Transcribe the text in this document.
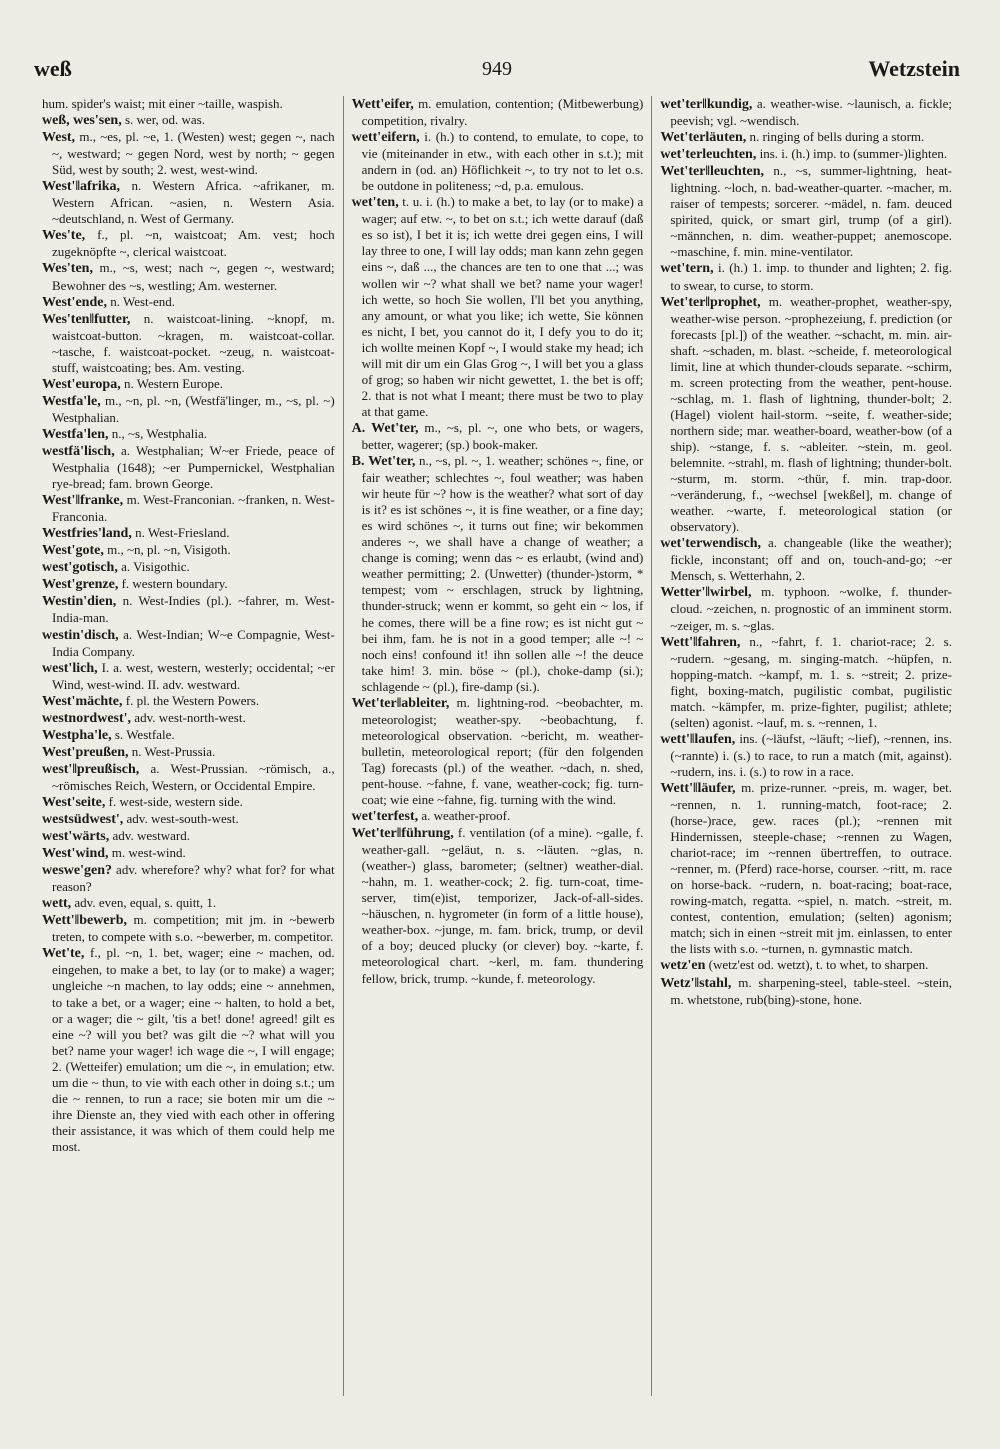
weß	949	Wetzstein

hum. spider's waist; mit einer ~taille, waspish.

weß, wes'sen, s. wer, od. was.

West, m., ~es, pl. ~e, 1. (Westen) west; gegen ~, nach ~, westward; ~ gegen Nord, west by north; ~ gegen Süd, west by south; 2. west, west-wind.

West'‖afrika, n. Western Africa. ~afrikaner, m. Western African. ~asien, n. Western Asia. ~deutschland, n. West of Germany.

Wes'te, f., pl. ~n, waistcoat; Am. vest; hoch zugeknöpfte ~, clerical waistcoat.

Wes'ten, m., ~s, west; nach ~, gegen ~, westward; Bewohner des ~s, westling; Am. westerner.

West'ende, n. West-end.

Wes'ten‖futter, n. waistcoat-lining. ~knopf, m. waistcoat-button. ~kragen, m. waistcoat-collar. ~tasche, f. waistcoat-pocket. ~zeug, n. waistcoat-stuff, waistcoating; bes. Am. vesting.

West'europa, n. Western Europe.

Westfa'le, m., ~n, pl. ~n, (Westfä'linger, m., ~s, pl. ~) Westphalian.

Westfa'len, n., ~s, Westphalia.

westfä'lisch, a. Westphalian; W~er Friede, peace of Westphalia (1648); ~er Pumpernickel, Westphalian rye-bread; fam. brown George.

West'‖franke, m. West-Franconian. ~franken, n. West-Franconia.

Westfries'land, n. West-Friesland.

West'gote, m., ~n, pl. ~n, Visigoth.

west'gotisch, a. Visigothic.

West'grenze, f. western boundary.

Westin'dien, n. West-Indies (pl.). ~fahrer, m. West-India-man.

westin'disch, a. West-Indian; W~e Compagnie, West-India Company.

west'lich, I. a. west, western, westerly; occidental; ~er Wind, west-wind. II. adv. westward.

West'mächte, f. pl. the Western Powers.

westnordwest', adv. west-north-west.

Westpha'le, s. Westfale.

West'preußen, n. West-Prussia.

west'‖preußisch, a. West-Prussian. ~römisch, a., ~römisches Reich, Western, or Occidental Empire.

West'seite, f. west-side, western side.

westsüdwest', adv. west-south-west.

west'wärts, adv. westward.

West'wind, m. west-wind.

weswe'gen? adv. wherefore? why? what for? for what reason?

wett, adv. even, equal, s. quitt, 1.

Wett'‖bewerb, m. competition; mit jm. in ~bewerb treten, to compete with s.o. ~bewerber, m. competitor.

Wet'te, f., pl. ~n, 1. bet, wager; eine ~ machen, od. eingehen, to make a bet, to lay (or to make) a wager; ungleiche ~n machen, to lay odds; eine ~ annehmen, to take a bet, or a wager; eine ~ halten, to hold a bet, or a wager; die ~ gilt, 'tis a bet! done! agreed! gilt es eine ~? will you bet? was gilt die ~? what will you bet? name your wager! ich wage die ~, I will engage; 2. (Wetteifer) emulation; um die ~, in emulation; etw. um die ~ thun, to vie with each other in doing s.t.; um die ~ rennen, to run a race; sie boten mir um die ~ ihre Dienste an, they vied with each other in offering their assistance, it was which of them could help me most.

Wett'eifer, m. emulation, contention; (Mitbewerbung) competition, rivalry.

wett'eifern, i. (h.) to contend, to emulate, to cope, to vie (miteinander in etw., with each other in s.t.); mit andern in (od. an) Höflichkeit ~, to try not to let o.s. be outdone in politeness; ~d, p.a. emulous.

wet'ten, t. u. i. (h.) to make a bet, to lay (or to make) a wager; auf etw. ~, to bet on s.t.; ich wette darauf (daß es so ist), I bet it is; ich wette drei gegen eins, I will lay three to one, I will lay odds; man kann zehn gegen eins ~, daß ..., the chances are ten to one that ...; was wollen wir ~? what shall we bet? name your wager! ich wette, so hoch Sie wollen, I'll bet you anything, any amount, or what you like; ich wette, Sie können es nicht, I bet, you cannot do it, I defy you to do it; ich wollte meinen Kopf ~, I would stake my head; ich will mit dir um ein Glas Grog ~, I will bet you a glass of grog; so haben wir nicht gewettet, 1. the bet is off; 2. that is not what I meant; there must be two to play at that game.

A. Wet'ter, m., ~s, pl. ~, one who bets, or wagers, better, wagerer; (sp.) book-maker.

B. Wet'ter, n., ~s, pl. ~, 1. weather; schönes ~, fine, or fair weather; schlechtes ~, foul weather; was haben wir heute für ~? how is the weather? what sort of day is it? es ist schönes ~, it is fine weather, or a fine day; es wird schönes ~, it turns out fine; wir bekommen anderes ~, we shall have a change of weather; a change is coming; wenn das ~ es erlaubt, (wind and) weather permitting; 2. (Unwetter) (thunder-)storm, * tempest; vom ~ erschlagen, struck by lightning, thunder-struck; wenn er kommt, so geht ein ~ los, if he comes, there will be a fine row; es ist nicht gut ~ bei ihm, fam. he is not in a good temper; alle ~! ~ noch eins! confound it! ihn sollen alle ~! the deuce take him! 3. min. böse ~ (pl.), choke-damp (si.); schlagende ~ (pl.), fire-damp (si.).

Wet'ter‖ableiter, m. lightning-rod. ~beobachter, m. meteorologist; weather-spy. ~beobachtung, f. meteorological observation. ~bericht, m. weather-bulletin, meteorological report; (für den folgenden Tag) forecasts (pl.) of the weather. ~dach, n. shed, pent-house. ~fahne, f. vane, weather-cock; fig. turn-coat; wie eine ~fahne, fig. turning with the wind.

wet'terfest, a. weather-proof.

Wet'ter‖führung, f. ventilation (of a mine). ~galle, f. weather-gall. ~geläut, n. s. ~läuten. ~glas, n. (weather-) glass, barometer; (seltner) weather-dial. ~hahn, m. 1. weather-cock; 2. fig. turn-coat, time-server, tim(e)ist, temporizer, Jack-of-all-sides. ~häuschen, n. hygrometer (in form of a little house), weather-box. ~junge, m. fam. brick, trump, or devil of a boy; deuced plucky (or clever) boy. ~karte, f. meteorological chart. ~kerl, m. fam. thundering fellow, brick, trump. ~kunde, f. meteorology.

wet'ter‖kundig, a. weather-wise. ~launisch, a. fickle; peevish; vgl. ~wendisch.

Wet'terläuten, n. ringing of bells during a storm.

wet'terleuchten, ins. i. (h.) imp. to (summer-)lighten.

Wet'ter‖leuchten, n., ~s, summer-lightning, heat-lightning. ~loch, n. bad-weather-quarter. ~macher, m. raiser of tempests; sorcerer. ~mädel, n. fam. deuced spirited, quick, or smart girl, trump (of a girl). ~männchen, n. dim. weather-puppet; anemoscope. ~maschine, f. min. mine-ventilator.

wet'tern, i. (h.) 1. imp. to thunder and lighten; 2. fig. to swear, to curse, to storm.

Wet'ter‖prophet, m. weather-prophet, weather-spy, weather-wise person. ~prophezeiung, f. prediction (or forecasts [pl.]) of the weather. ~schacht, m. min. air-shaft. ~schaden, m. blast. ~scheide, f. meteorological limit, line at which thunder-clouds separate. ~schirm, m. screen protecting from the weather, pent-house. ~schlag, m. 1. flash of lightning, thunder-bolt; 2. (Hagel) violent hail-storm. ~seite, f. weather-side; northern side; mar. weather-board, weather-bow (of a ship). ~stange, f. s. ~ableiter. ~stein, m. geol. belemnite. ~strahl, m. flash of lightning; thunder-bolt. ~sturm, m. storm. ~thür, f. min. trap-door. ~veränderung, f., ~wechsel [wekßel], m. change of weather. ~warte, f. meteorological station (or observatory).

wet'terwendisch, a. changeable (like the weather); fickle, inconstant; off and on, touch-and-go; ~er Mensch, s. Wetterhahn, 2.

Wetter'‖wirbel, m. typhoon. ~wolke, f. thunder-cloud. ~zeichen, n. prognostic of an imminent storm. ~zeiger, m. s. ~glas.

Wett'‖fahren, n., ~fahrt, f. 1. chariot-race; 2. s. ~rudern. ~gesang, m. singing-match. ~hüpfen, n. hopping-match. ~kampf, m. 1. s. ~streit; 2. prize-fight, boxing-match, pugilistic combat, pugilistic match. ~kämpfer, m. prize-fighter, pugilist; athlete; (selten) agonist. ~lauf, m. s. ~rennen, 1.

wett'‖laufen, ins. (~läufst, ~läuft; ~lief), ~rennen, ins. (~rannte) i. (s.) to race, to run a match (mit, against). ~rudern, ins. i. (s.) to row in a race.

Wett'‖läufer, m. prize-runner. ~preis, m. wager, bet. ~rennen, n. 1. running-match, foot-race; 2. (horse-)race, gew. races (pl.); ~rennen mit Hindernissen, steeple-chase; ~rennen zu Wagen, chariot-race; im ~rennen übertreffen, to outrace. ~renner, m. (Pferd) race-horse, courser. ~ritt, m. race on horse-back. ~rudern, n. boat-racing; boat-race, rowing-match, regatta. ~spiel, n. match. ~streit, m. contest, contention, emulation; (selten) agonism; match; sich in einen ~streit mit jm. einlassen, to enter the lists with s.o. ~turnen, n. gymnastic match.

wetz'en (wetz'est od. wetzt), t. to whet, to sharpen.

Wetz'‖stahl, m. sharpening-steel, table-steel. ~stein, m. whetstone, rub(bing)-stone, hone.
